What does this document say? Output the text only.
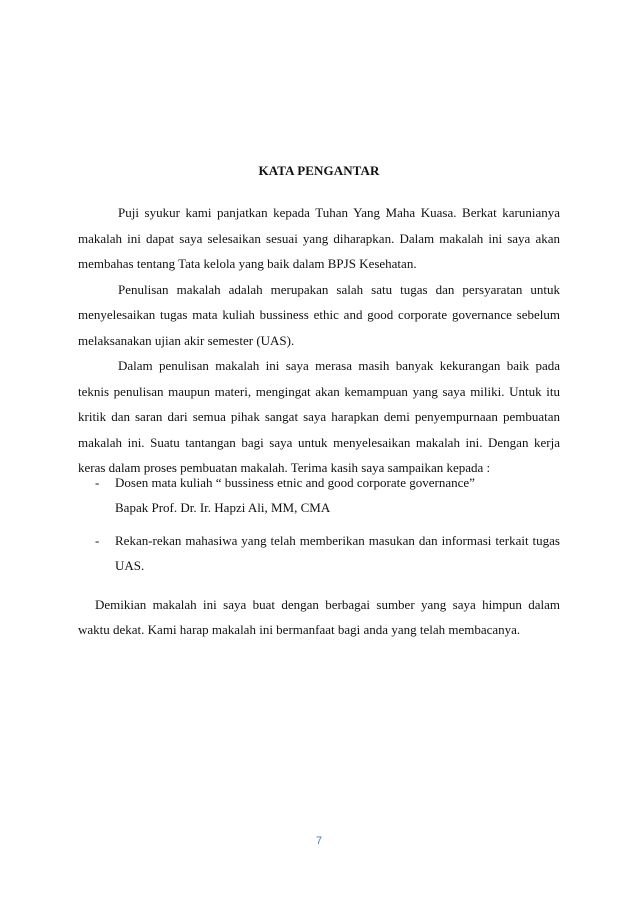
KATA PENGANTAR

Puji syukur kami panjatkan kepada Tuhan Yang Maha Kuasa. Berkat karunianya makalah ini dapat saya selesaikan sesuai yang diharapkan. Dalam makalah ini saya akan membahas tentang Tata kelola yang baik dalam BPJS Kesehatan.

Penulisan makalah adalah merupakan salah satu tugas dan persyaratan untuk menyelesaikan tugas mata kuliah bussiness ethic and good corporate governance sebelum melaksanakan ujian akir semester (UAS).

Dalam penulisan makalah ini saya merasa masih banyak kekurangan baik pada teknis penulisan maupun materi, mengingat akan kemampuan yang saya miliki. Untuk itu kritik dan saran dari semua pihak sangat saya harapkan demi penyempurnaan pembuatan makalah ini. Suatu tantangan bagi saya untuk menyelesaikan makalah ini. Dengan kerja keras dalam proses pembuatan makalah. Terima kasih saya sampaikan kepada :

-	Dosen mata kuliah “ bussiness etnic and good corporate governance”
Bapak Prof. Dr. Ir. Hapzi Ali, MM, CMA
-	Rekan-rekan mahasiwa yang telah memberikan masukan dan informasi terkait tugas UAS.

Demikian makalah ini saya buat dengan berbagai sumber yang saya himpun dalam waktu dekat. Kami harap makalah ini bermanfaat bagi anda yang telah membacanya.

7
